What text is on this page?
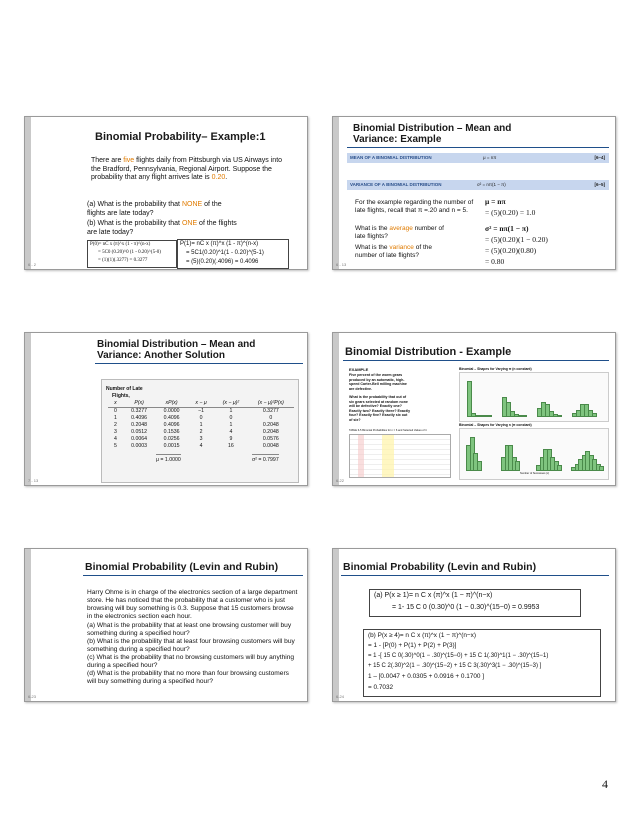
Binomial Probability– Example:1
There are five flights daily from Pittsburgh via US Airways into the Bradford, Pennsylvania, Regional Airport. Suppose the probability that any flight arrives late is 0.20.
(a) What is the probability that NONE of the flights are late today?
(b) What is the probability that ONE of the flights are late today?
P(0)= nC x (π)^x (1 - π)^(n-x)
= 5C0 (0.20)^0 (1 - 0.20)^(5-0)
= (1)(1)(.3277) = 0.3277
P(1)= nC x (π)^x (1 - π)^(n-x)
= 5C1(0.20)^1(1 - 0.20)^(5-1)
= (5)(0.20)(.4096) = 0.4096
6 - 2
Binomial Distribution – Mean and
Variance: Example
MEAN OF A BINOMIAL DISTRIBUTION	μ = nπ	[6–4]
VARIANCE OF A BINOMIAL DISTRIBUTION	σ² = nπ(1 − π)	[6–5]
For the example regarding the number of late flights, recall that π =.20 and n = 5.
What is the average number of late flights?
What is the variance of the number of late flights?
μ = nπ
= (5)(0.20) = 1.0
σ² = nπ(1 − π)
= (5)(0.20)(1 − 0.20)
= (5)(0.20)(0.80)
= 0.80
6 - 13
Binomial Distribution – Mean and
Variance: Another Solution
Number of Late
Flights,
x	P(x)	xP(x)	x − μ	(x − μ)²	(x − μ)²P(x)
0	0.3277	0.0000	−1	1	0.3277
1	0.4096	0.4096	0	0	0
2	0.2048	0.4096	1	1	0.2048
3	0.0512	0.1536	2	4	0.2048
4	0.0064	0.0256	3	9	0.0576
5	0.0003	0.0015	4	16	0.0048
μ = 1.0000	σ² = 0.7997
7 - 13
Binomial Distribution - Example
EXAMPLE
Five percent of the worm gears produced by an automatic, high-speed Carter-Bell milling machine are defective.
What is the probability that out of six gears selected at random none will be defective? Exactly one? Exactly two? Exactly three? Exactly four? Exactly five? Exactly six out of six?
TABLE 6-5 Binomial Probabilities for n = 6 and Selected Values of π
Binomial – Shapes for Varying π (n constant)
Binomial – Shapes for Varying n (π constant)
Number of Successes (x)
6-22
Binomial Probability (Levin and Rubin)
Harry Ohme is in charge of the electronics section of a large department store. He has noticed that the probability that a customer who is just browsing will buy something is 0.3. Suppose that 15 customers browse in the electronics section each hour.
(a) What is the probability that at least one browsing customer will buy something during a specified hour?
(b) What is the probability that at least four browsing customers will buy something during a specified hour?
(c) What is the probability that no browsing customers will buy anything during a specified hour?
(d) What is the probability that no more than four browsing customers will buy something during a specified hour?
6-23
Binomial Probability (Levin and Rubin)
(a) P(x ≥ 1)= n C x (π)^x (1 − π)^(n−x)
= 1- 15 C 0 (0.30)^0 (1 − 0.30)^(15−0) = 0.9953
(b) P(x ≥ 4)= n C x (π)^x (1 − π)^(n−x)
= 1 - [P(0) + P(1) + P(2) + P(3)]
= 1 -[ 15 C 0(.30)^0(1 − .30)^(15−0) + 15 C 1(.30)^1(1 − .30)^(15−1)
+ 15 C 2(.30)^2(1 − .30)^(15−2) + 15 C 3(.30)^3(1 − .30)^(15−3) ]
1 – [0.0047 + 0.0305 + 0.0916 + 0.1700 ]
= 0.7032
6-24
4
